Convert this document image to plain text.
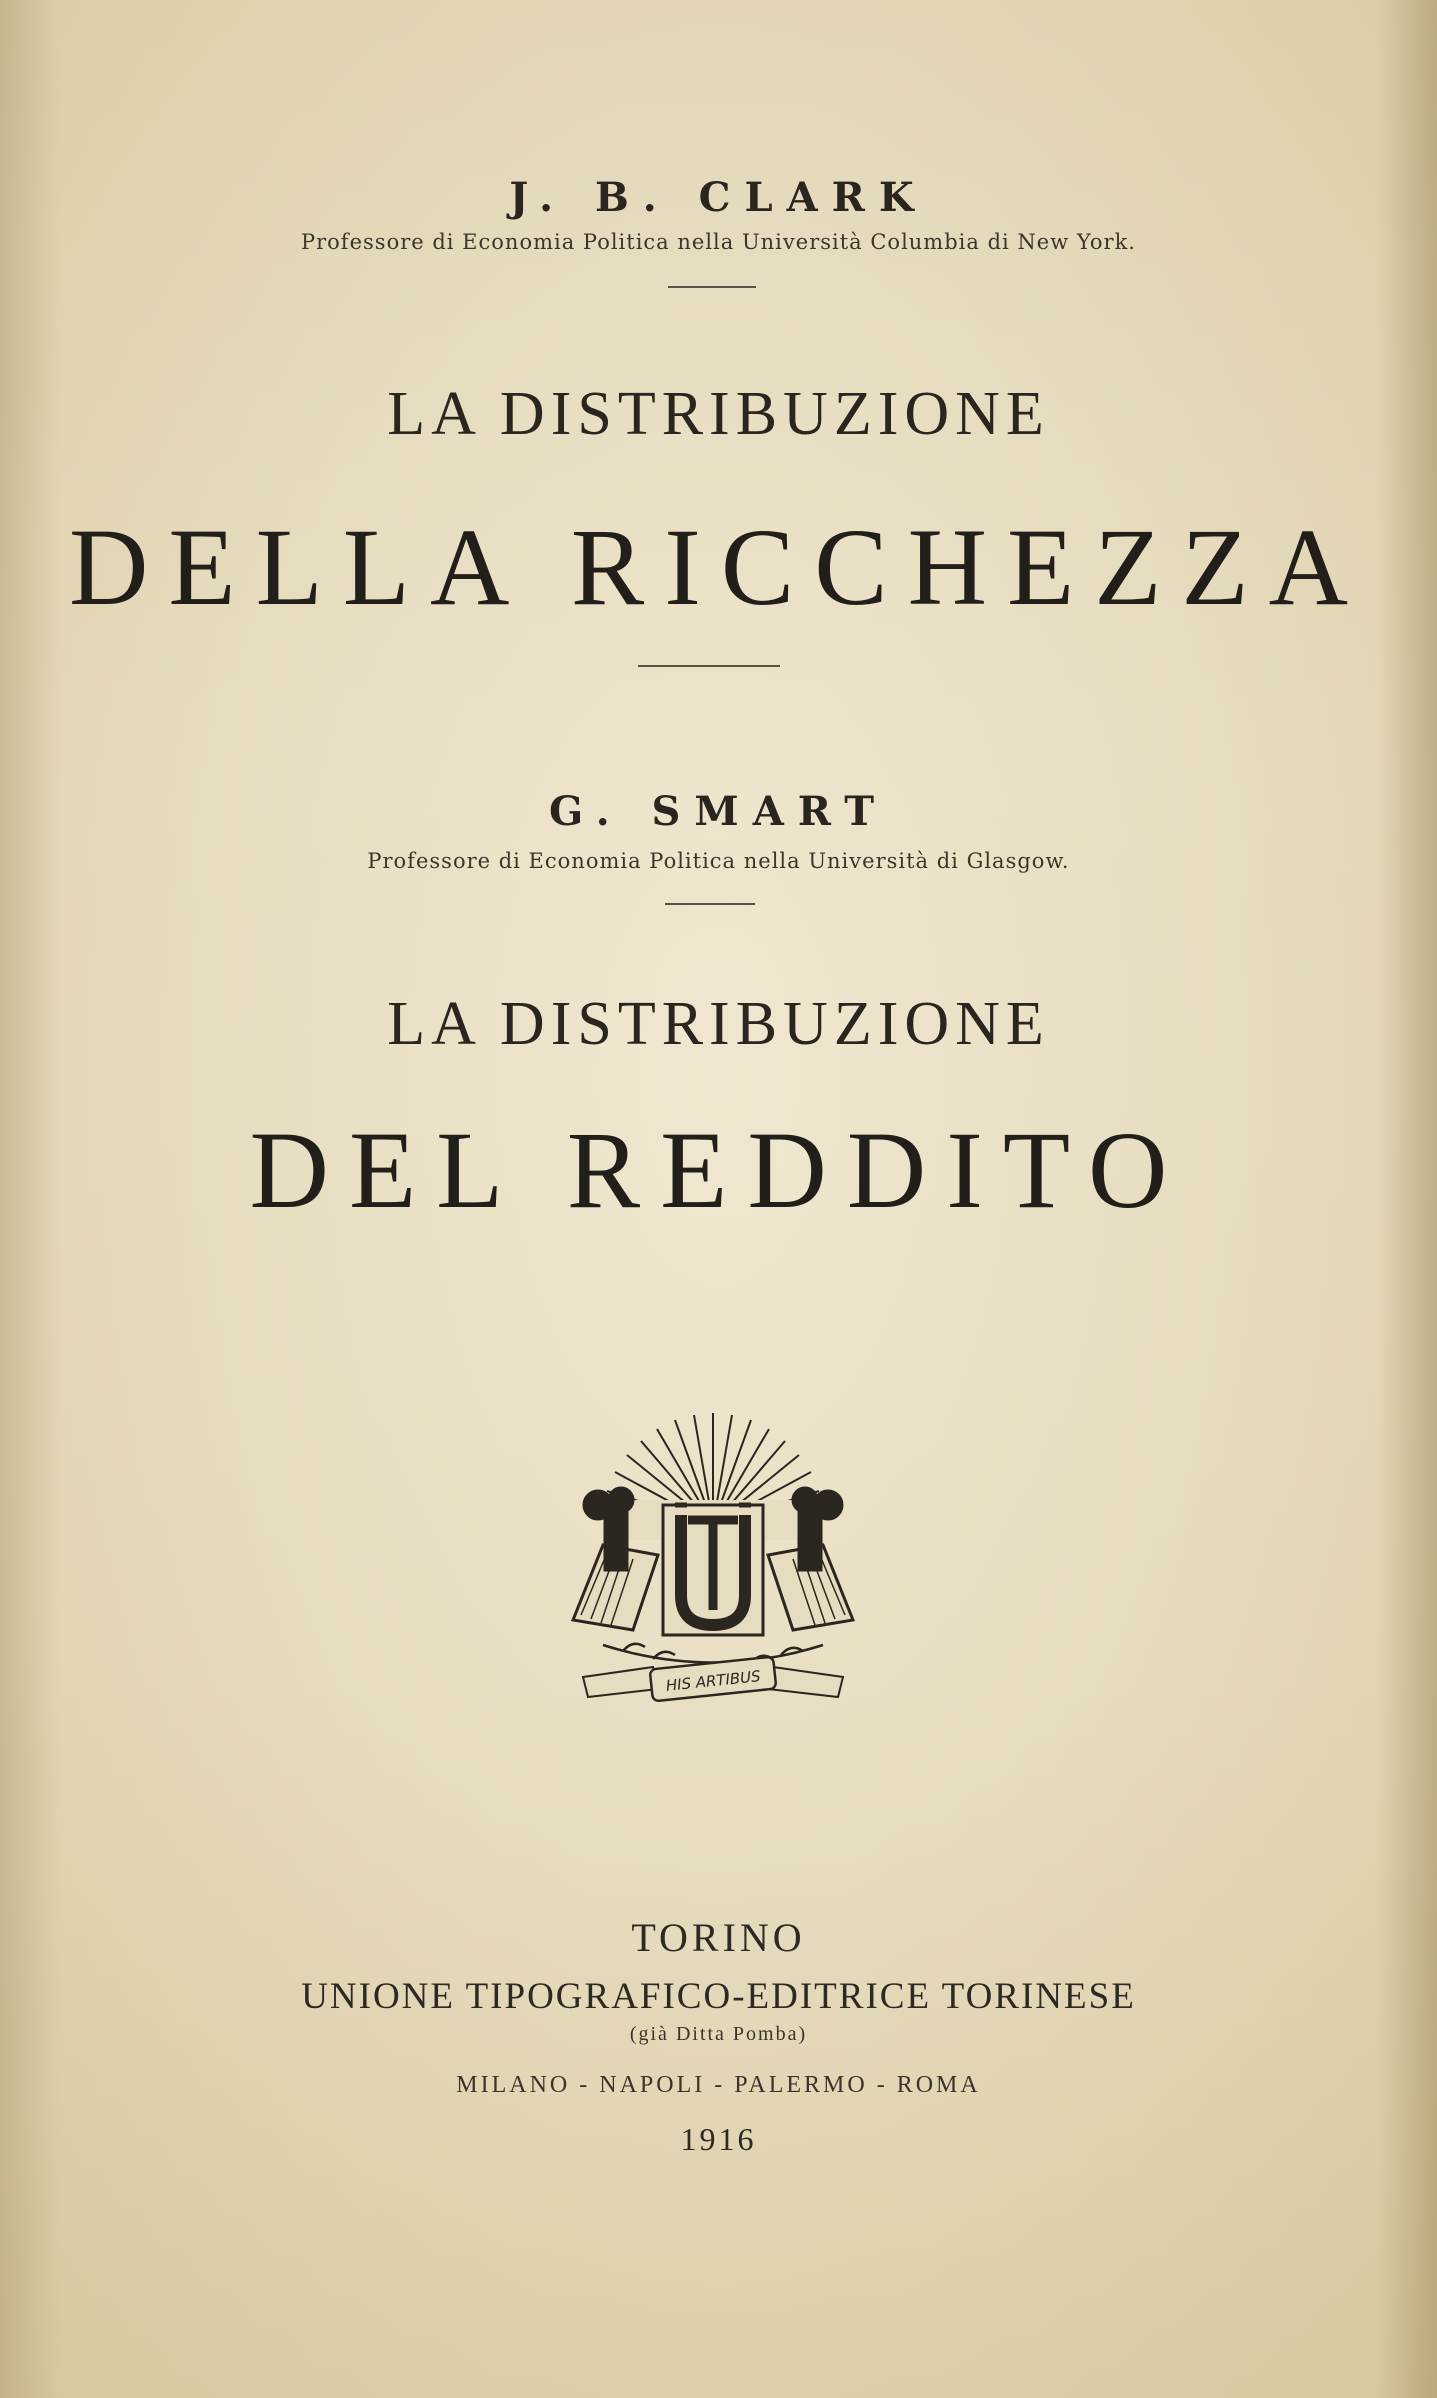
J. B. CLARK
Professore di Economia Politica nella Università Columbia di New York.
LA DISTRIBUZIONE
DELLA RICCHEZZA
G. SMART
Professore di Economia Politica nella Università di Glasgow.
LA DISTRIBUZIONE
DEL REDDITO
HIS ARTIBUS
TORINO
UNIONE TIPOGRAFICO-EDITRICE TORINESE
(già Ditta Pomba)
MILANO - NAPOLI - PALERMO - ROMA
1916
